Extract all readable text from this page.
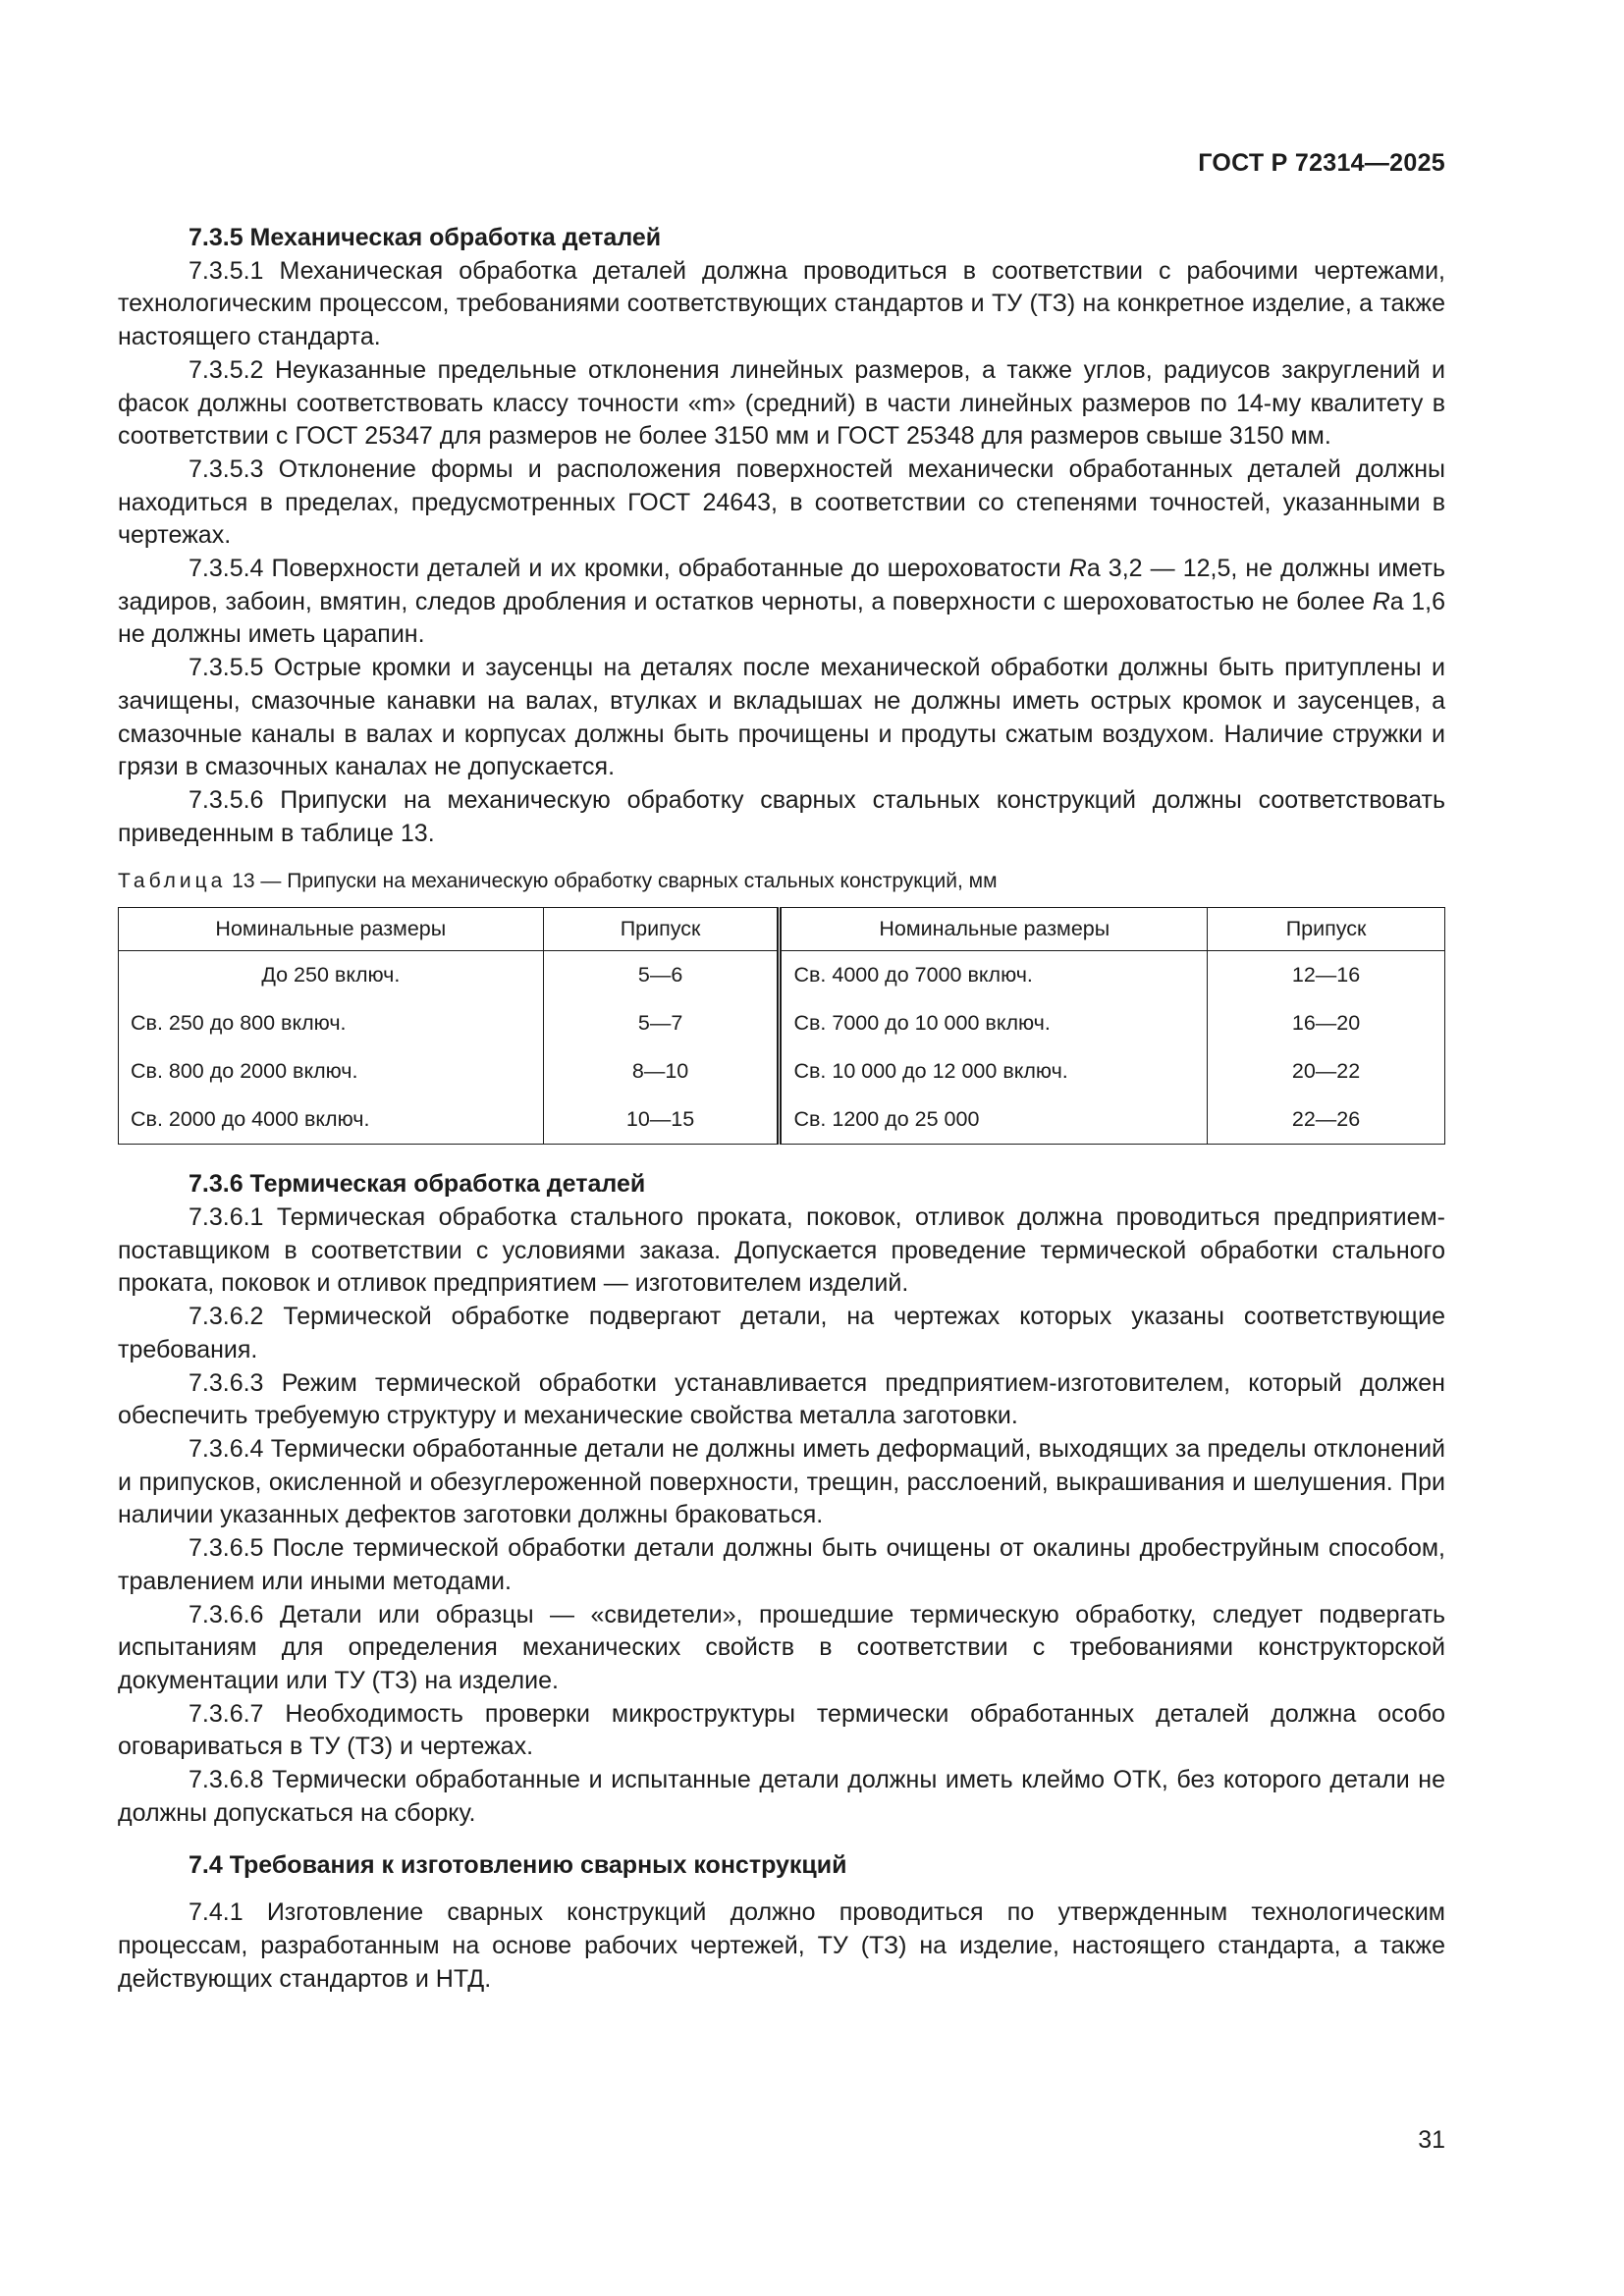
ГОСТ Р 72314—2025
7.3.5 Механическая обработка деталей

7.3.5.1 Механическая обработка деталей должна проводиться в соответствии с рабочими чертежами, технологическим процессом, требованиями соответствующих стандартов и ТУ (ТЗ) на конкретное изделие, а также настоящего стандарта.

7.3.5.2 Неуказанные предельные отклонения линейных размеров, а также углов, радиусов закруглений и фасок должны соответствовать классу точности «m» (средний) в части линейных размеров по 14-му квалитету в соответствии с ГОСТ 25347 для размеров не более 3150 мм и ГОСТ 25348 для размеров свыше 3150 мм.

7.3.5.3 Отклонение формы и расположения поверхностей механически обработанных деталей должны находиться в пределах, предусмотренных ГОСТ 24643, в соответствии со степенями точностей, указанными в чертежах.

7.3.5.4 Поверхности деталей и их кромки, обработанные до шероховатости Ra 3,2 — 12,5, не должны иметь задиров, забоин, вмятин, следов дробления и остатков черноты, а поверхности с шероховатостью не более Ra 1,6 не должны иметь царапин.

7.3.5.5 Острые кромки и заусенцы на деталях после механической обработки должны быть притуплены и зачищены, смазочные канавки на валах, втулках и вкладышах не должны иметь острых кромок и заусенцев, а смазочные каналы в валах и корпусах должны быть прочищены и продуты сжатым воздухом. Наличие стружки и грязи в смазочных каналах не допускается.

7.3.5.6 Припуски на механическую обработку сварных стальных конструкций должны соответствовать приведенным в таблице 13.

Таблица 13 — Припуски на механическую обработку сварных стальных конструкций, мм
Номинальные размеры	Припуск	Номинальные размеры	Припуск
До 250 включ.	5—6	Св. 4000 до 7000 включ.	12—16
Св. 250 до 800 включ.	5—7	Св. 7000 до 10 000 включ.	16—20
Св. 800 до 2000 включ.	8—10	Св. 10 000 до 12 000 включ.	20—22
Св. 2000 до 4000 включ.	10—15	Св. 1200 до 25 000	22—26
7.3.6 Термическая обработка деталей

7.3.6.1 Термическая обработка стального проката, поковок, отливок должна проводиться предприятием-поставщиком в соответствии с условиями заказа. Допускается проведение термической обработки стального проката, поковок и отливок предприятием — изготовителем изделий.

7.3.6.2 Термической обработке подвергают детали, на чертежах которых указаны соответствующие требования.

7.3.6.3 Режим термической обработки устанавливается предприятием-изготовителем, который должен обеспечить требуемую структуру и механические свойства металла заготовки.

7.3.6.4 Термически обработанные детали не должны иметь деформаций, выходящих за пределы отклонений и припусков, окисленной и обезуглероженной поверхности, трещин, расслоений, выкрашивания и шелушения. При наличии указанных дефектов заготовки должны браковаться.

7.3.6.5 После термической обработки детали должны быть очищены от окалины дробеструйным способом, травлением или иными методами.

7.3.6.6 Детали или образцы — «свидетели», прошедшие термическую обработку, следует подвергать испытаниям для определения механических свойств в соответствии с требованиями конструкторской документации или ТУ (ТЗ) на изделие.

7.3.6.7 Необходимость проверки микроструктуры термически обработанных деталей должна особо оговариваться в ТУ (ТЗ) и чертежах.

7.3.6.8 Термически обработанные и испытанные детали должны иметь клеймо ОТК, без которого детали не должны допускаться на сборку.

7.4 Требования к изготовлению сварных конструкций

7.4.1 Изготовление сварных конструкций должно проводиться по утвержденным технологическим процессам, разработанным на основе рабочих чертежей, ТУ (ТЗ) на изделие, настоящего стандарта, а также действующих стандартов и НТД.

31
